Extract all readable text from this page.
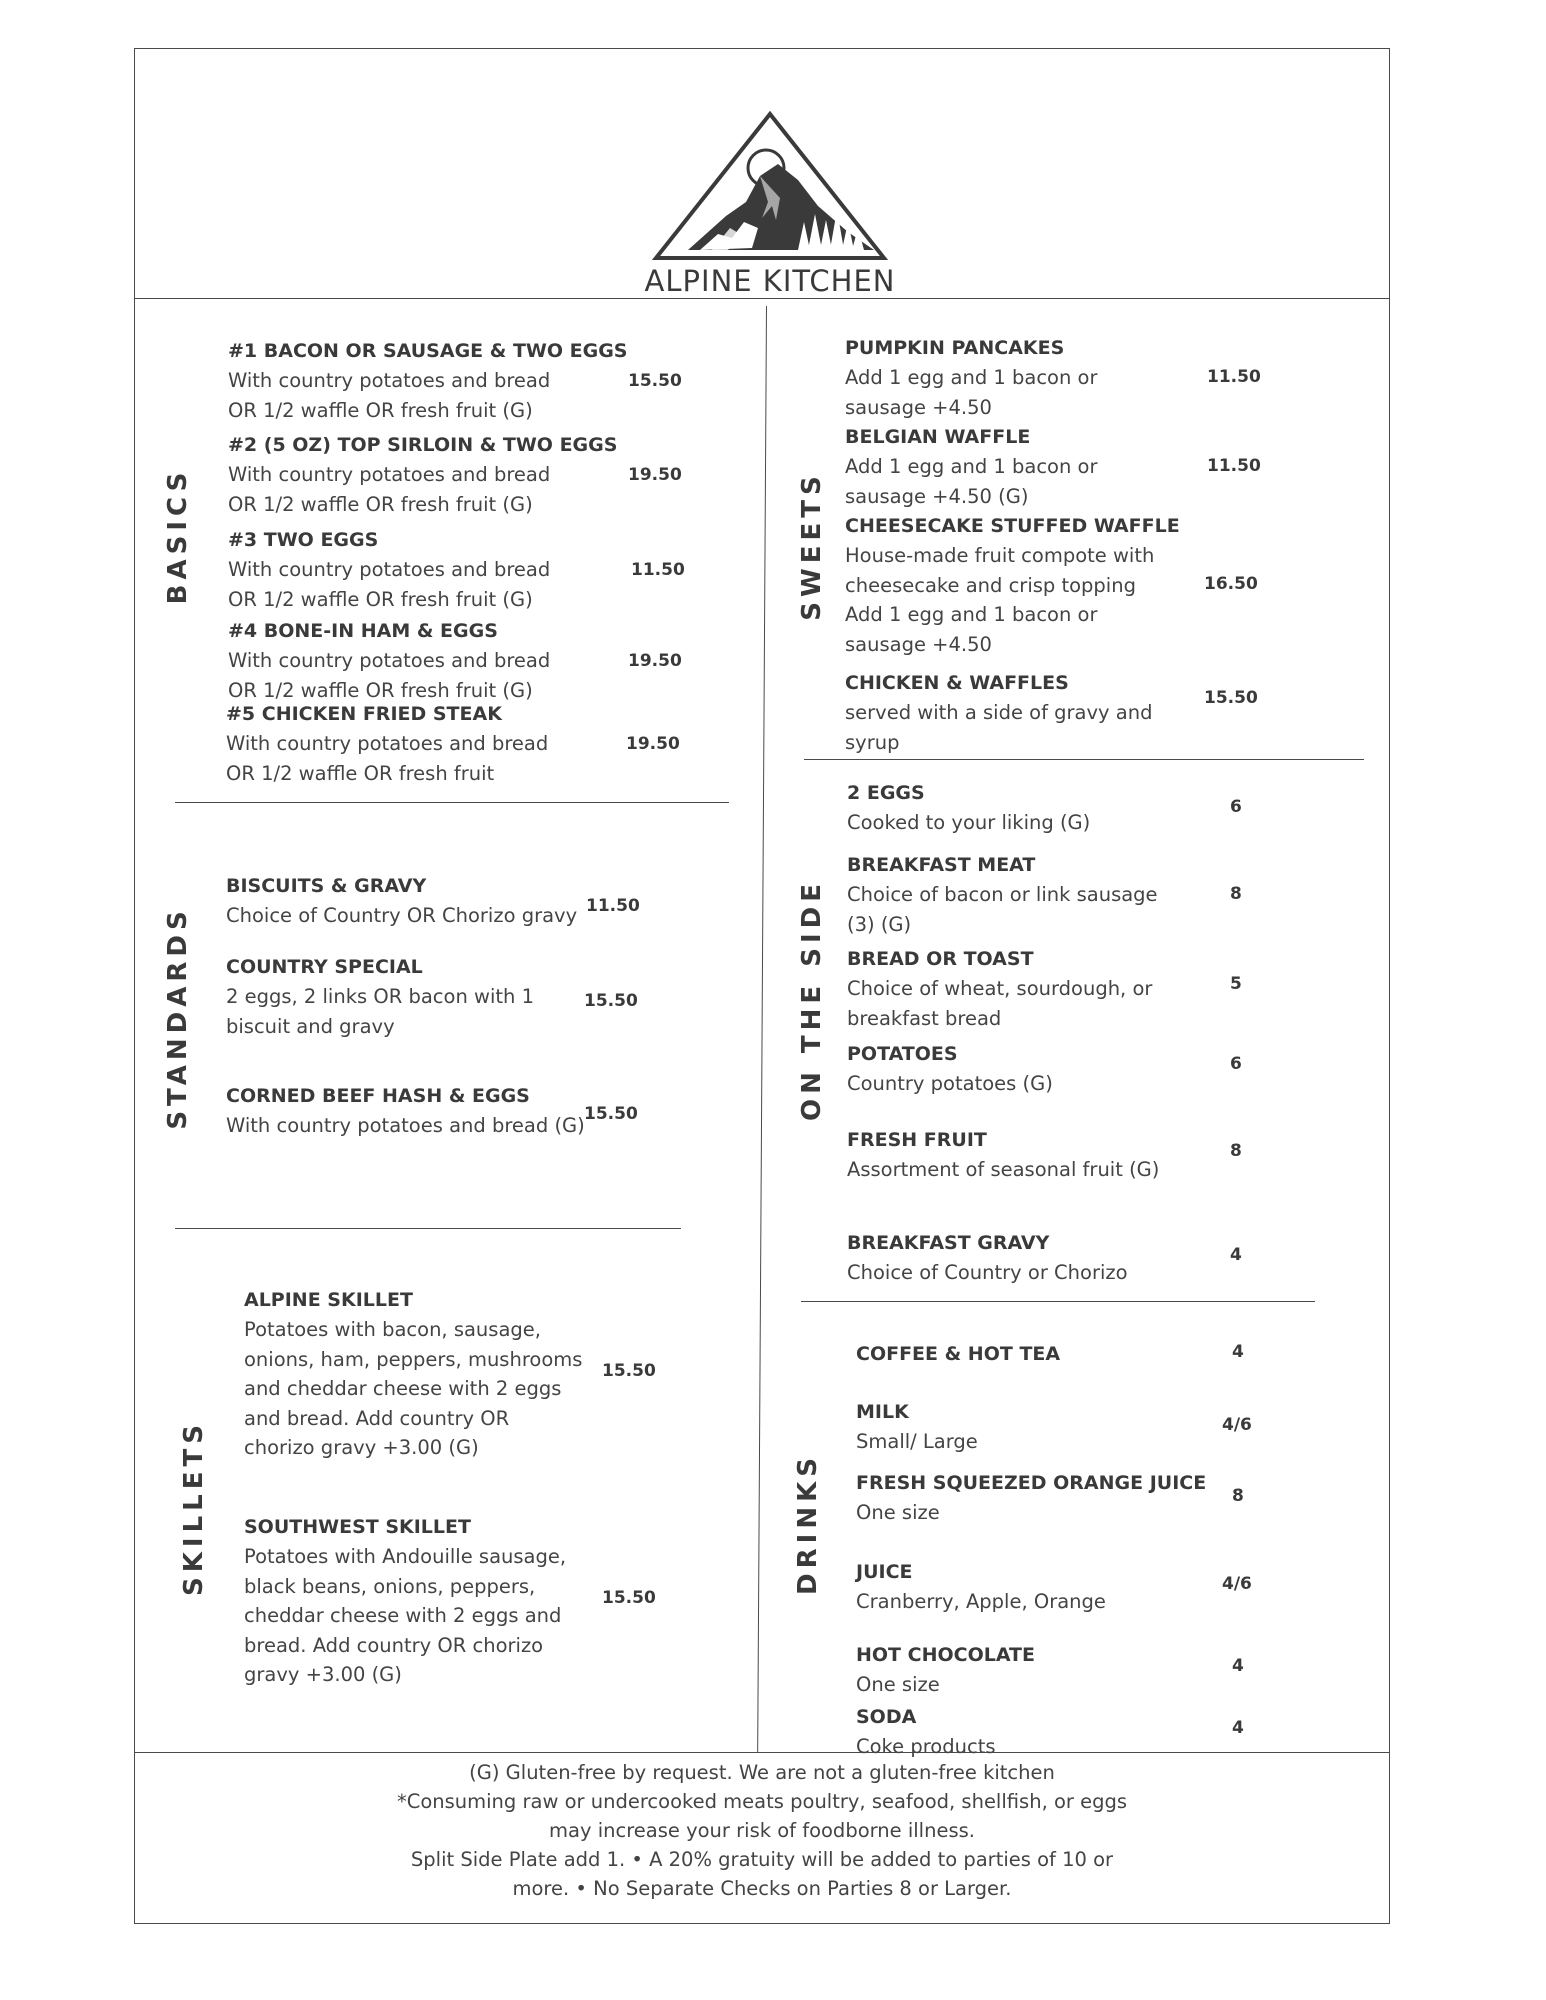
ALPINE KITCHEN
BASICS
STANDARDS
SKILLETS
SWEETS
ON THE SIDE
DRINKS
#1 BACON OR SAUSAGE & TWO EGGS
With country potatoes and bread OR 1/2 waffle OR fresh fruit (G)
15.50
#2 (5 OZ) TOP SIRLOIN & TWO EGGS
With country potatoes and bread OR 1/2 waffle OR fresh fruit (G)
19.50
#3 TWO EGGS
With country potatoes and bread OR 1/2 waffle OR fresh fruit (G)
11.50
#4 BONE-IN HAM & EGGS
With country potatoes and bread OR 1/2 waffle OR fresh fruit (G)
19.50
#5 CHICKEN FRIED STEAK
With country potatoes and bread OR 1/2 waffle OR fresh fruit
19.50
BISCUITS & GRAVY
Choice of Country OR Chorizo gravy 11.50
COUNTRY SPECIAL
2 eggs, 2 links OR bacon with 1 biscuit and gravy
15.50
CORNED BEEF HASH & EGGS
With country potatoes and bread (G) 15.50
ALPINE SKILLET
Potatoes with bacon, sausage, onions, ham, peppers, mushrooms and cheddar cheese with 2 eggs and bread. Add country OR chorizo gravy +3.00 (G)
15.50
SOUTHWEST SKILLET
Potatoes with Andouille sausage, black beans, onions, peppers, cheddar cheese with 2 eggs and bread. Add country OR chorizo gravy +3.00 (G)
15.50
PUMPKIN PANCAKES
Add 1 egg and 1 bacon or sausage +4.50
11.50
BELGIAN WAFFLE
Add 1 egg and 1 bacon or sausage +4.50 (G)
11.50
CHEESECAKE STUFFED WAFFLE
House-made fruit compote with cheesecake and crisp topping Add 1 egg and 1 bacon or sausage +4.50
16.50
CHICKEN & WAFFLES
served with a side of gravy and syrup
15.50
2 EGGS
Cooked to your liking (G)
6
BREAKFAST MEAT
Choice of bacon or link sausage (3) (G)
8
BREAD OR TOAST
Choice of wheat, sourdough, or breakfast bread
5
POTATOES
Country potatoes (G)
6
FRESH FRUIT
Assortment of seasonal fruit (G)
8
BREAKFAST GRAVY
Choice of Country or Chorizo
4
COFFEE & HOT TEA	4
MILK
Small/ Large
4/6
FRESH SQUEEZED ORANGE JUICE
One size
8
JUICE
Cranberry, Apple, Orange
4/6
HOT CHOCOLATE
One size
4
SODA
Coke products
4
(G) Gluten-free by request. We are not a gluten-free kitchen
*Consuming raw or undercooked meats poultry, seafood, shellfish, or eggs
may increase your risk of foodborne illness.
Split Side Plate add 1. • A 20% gratuity will be added to parties of 10 or
more. • No Separate Checks on Parties 8 or Larger.
